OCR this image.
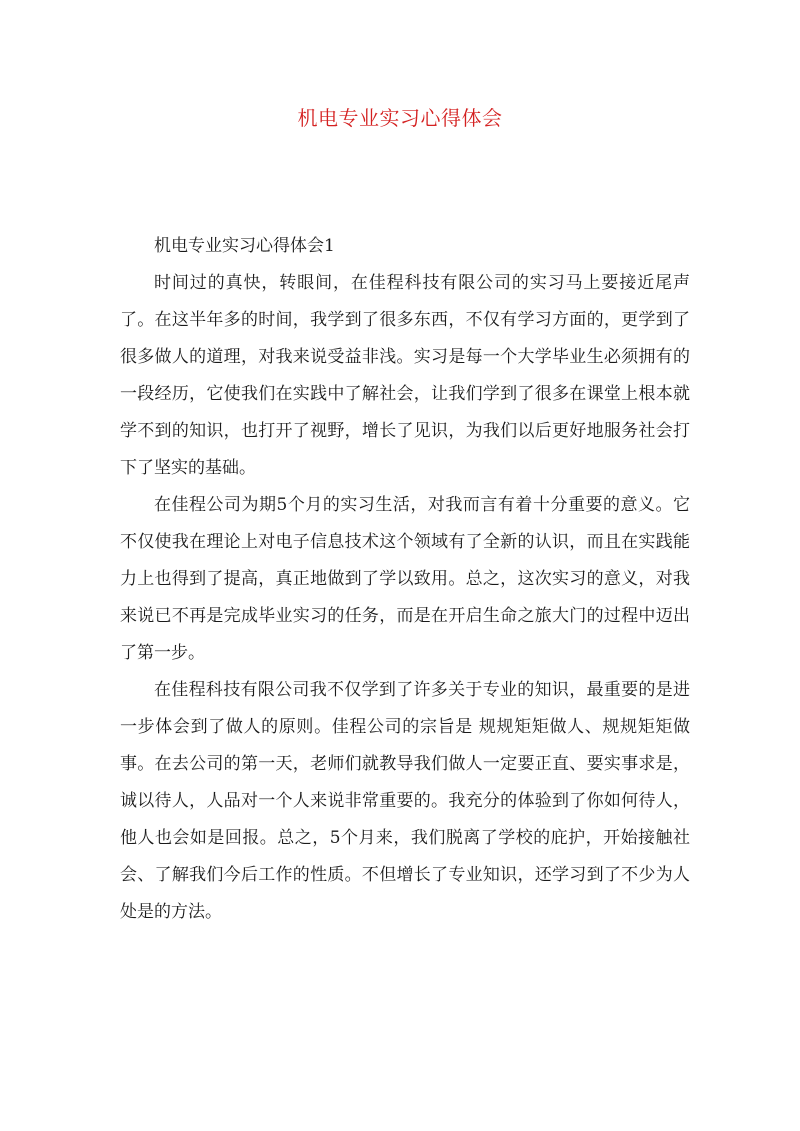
机电专业实习心得体会

机电专业实习心得体会1

时间过的真快，转眼间，在佳程科技有限公司的实习马上要接近尾声了。在这半年多的时间，我学到了很多东西，不仅有学习方面的，更学到了很多做人的道理，对我来说受益非浅。实习是每一个大学毕业生必须拥有的一段经历，它使我们在实践中了解社会，让我们学到了很多在课堂上根本就学不到的知识，也打开了视野，增长了见识，为我们以后更好地服务社会打下了坚实的基础。

在佳程公司为期5个月的实习生活，对我而言有着十分重要的意义。它不仅使我在理论上对电子信息技术这个领域有了全新的认识，而且在实践能力上也得到了提高，真正地做到了学以致用。总之，这次实习的意义，对我来说已不再是完成毕业实习的任务，而是在开启生命之旅大门的过程中迈出了第一步。

在佳程科技有限公司我不仅学到了许多关于专业的知识，最重要的是进一步体会到了做人的原则。佳程公司的宗旨是 规规矩矩做人、规规矩矩做事。在去公司的第一天，老师们就教导我们做人一定要正直、要实事求是，诚以待人，人品对一个人来说非常重要的。我充分的体验到了你如何待人，他人也会如是回报。总之，5个月来，我们脱离了学校的庇护，开始接触社会、了解我们今后工作的性质。不但增长了专业知识，还学习到了不少为人处是的方法。
